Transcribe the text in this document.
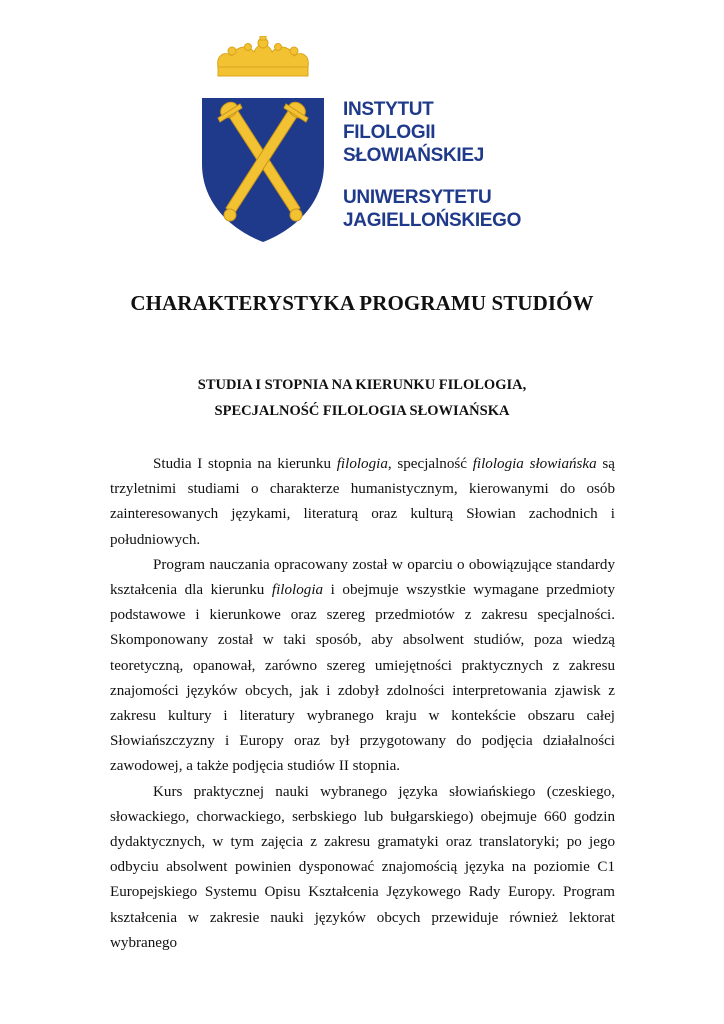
INSTYTUT
FILOLOGII
SŁOWIAŃSKIEJ
UNIWERSYTETU
JAGIELLOŃSKIEGO
CHARAKTERYSTYKA PROGRAMU STUDIÓW
STUDIA I STOPNIA NA KIERUNKU FILOLOGIA,
SPECJALNOŚĆ FILOLOGIA SŁOWIAŃSKA

Studia I stopnia na kierunku filologia, specjalność filologia słowiańska są trzyletnimi studiami o charakterze humanistycznym, kierowanymi do osób zainteresowanych językami, literaturą oraz kulturą Słowian zachodnich i południowych.

Program nauczania opracowany został w oparciu o obowiązujące standardy kształcenia dla kierunku filologia i obejmuje wszystkie wymagane przedmioty podstawowe i kierunkowe oraz szereg przedmiotów z zakresu specjalności. Skomponowany został w taki sposób, aby absolwent studiów, poza wiedzą teoretyczną, opanował, zarówno szereg umiejętności praktycznych z zakresu znajomości języków obcych, jak i zdobył zdolności interpretowania zjawisk z zakresu kultury i literatury wybranego kraju w kontekście obszaru całej Słowiańszczyzny i Europy oraz był przygotowany do podjęcia działalności zawodowej, a także podjęcia studiów II stopnia.

Kurs praktycznej nauki wybranego języka słowiańskiego (czeskiego, słowackiego, chorwackiego, serbskiego lub bułgarskiego) obejmuje 660 godzin dydaktycznych, w tym zajęcia z zakresu gramatyki oraz translatoryki; po jego odbyciu absolwent powinien dysponować znajomością języka na poziomie C1 Europejskiego Systemu Opisu Kształcenia Językowego Rady Europy. Program kształcenia w zakresie nauki języków obcych przewiduje również lektorat wybranego
